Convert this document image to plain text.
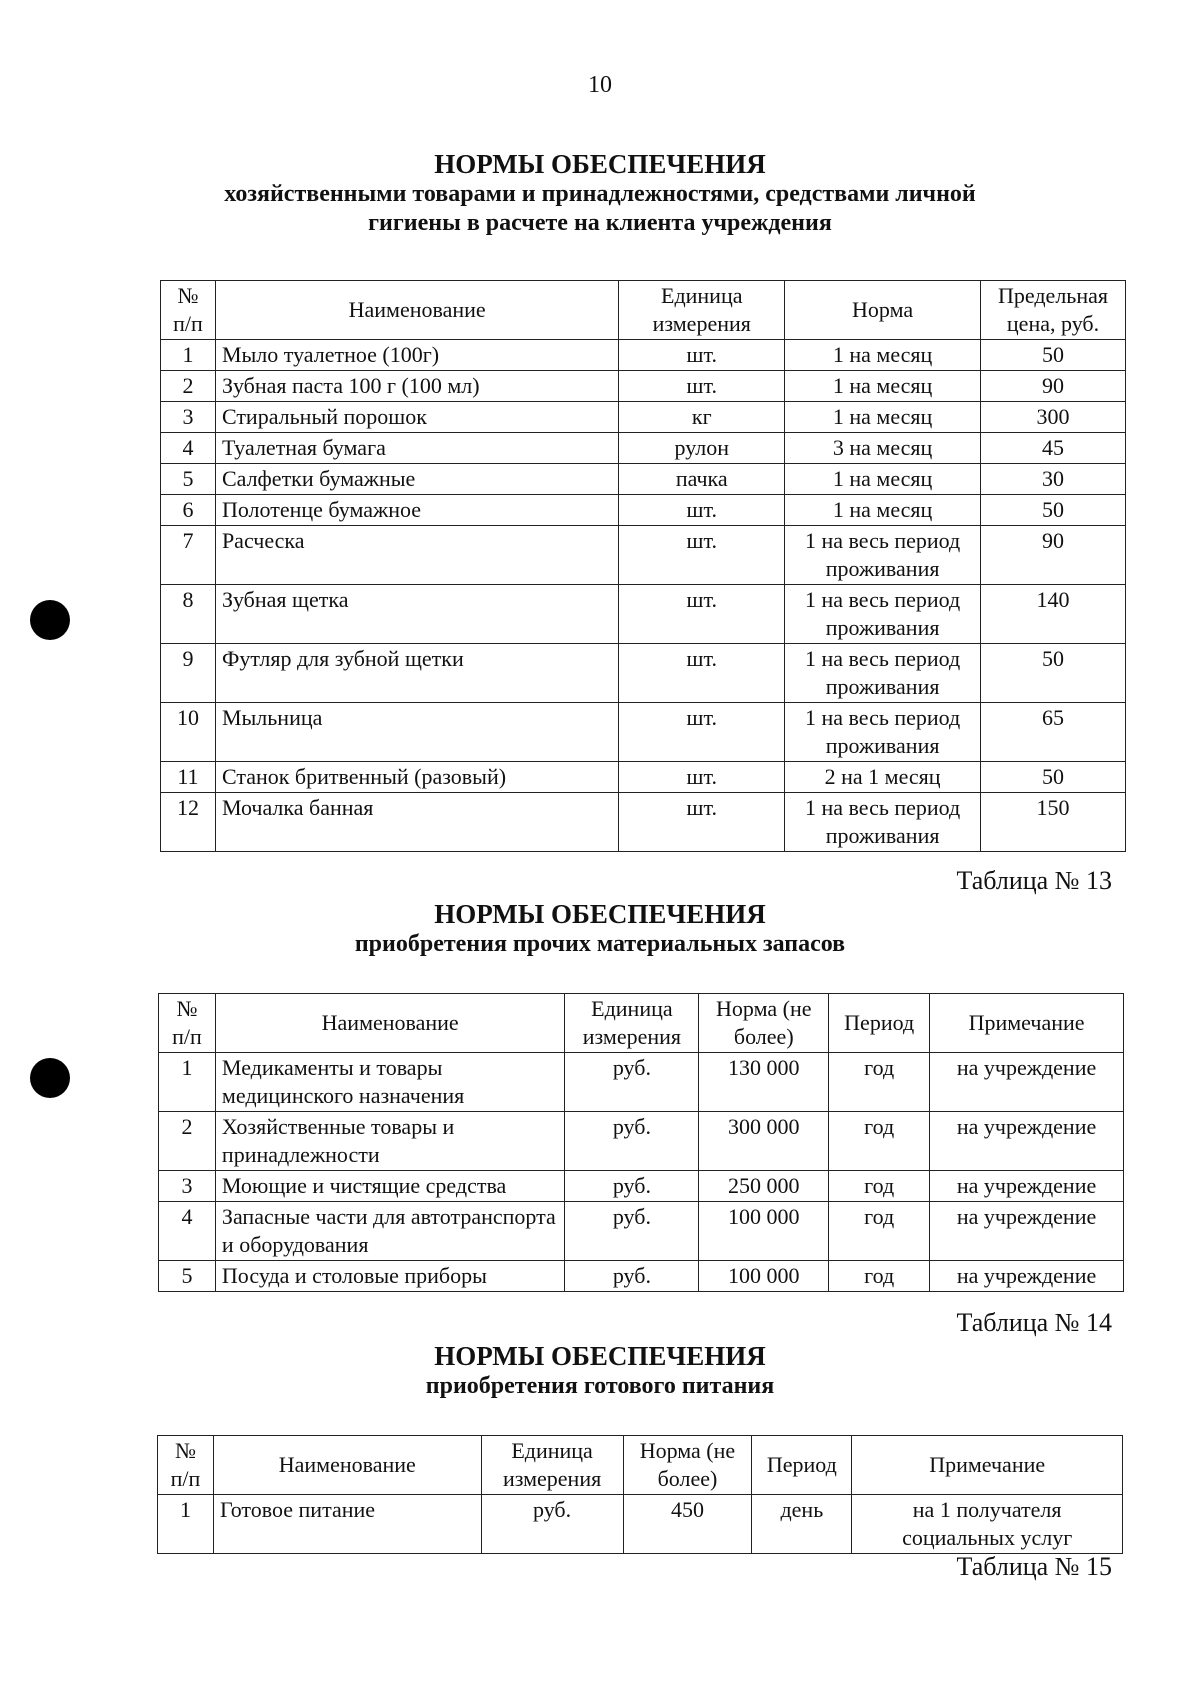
10
НОРМЫ ОБЕСПЕЧЕНИЯ
хозяйственными товарами и принадлежностями, средствами личной
гигиены в расчете на клиента учреждения
№ п/п	Наименование	Единица измерения	Норма	Предельная цена, руб.
1	Мыло туалетное (100г)	шт.	1 на месяц	50
2	Зубная паста 100 г (100 мл)	шт.	1 на месяц	90
3	Стиральный порошок	кг	1 на месяц	300
4	Туалетная бумага	рулон	3 на месяц	45
5	Салфетки бумажные	пачка	1 на месяц	30
6	Полотенце бумажное	шт.	1 на месяц	50
7	Расческа	шт.	1 на весь период проживания	90
8	Зубная щетка	шт.	1 на весь период проживания	140
9	Футляр для зубной щетки	шт.	1 на весь период проживания	50
10	Мыльница	шт.	1 на весь период проживания	65
11	Станок бритвенный (разовый)	шт.	2 на 1 месяц	50
12	Мочалка банная	шт.	1 на весь период проживания	150
Таблица № 13
НОРМЫ ОБЕСПЕЧЕНИЯ
приобретения прочих материальных запасов
№ п/п	Наименование	Единица измерения	Норма (не более)	Период	Примечание
1	Медикаменты и товары медицинского назначения	руб.	130 000	год	на учреждение
2	Хозяйственные товары и принадлежности	руб.	300 000	год	на учреждение
3	Моющие и чистящие средства	руб.	250 000	год	на учреждение
4	Запасные части для автотранспорта и оборудования	руб.	100 000	год	на учреждение
5	Посуда и столовые приборы	руб.	100 000	год	на учреждение
Таблица № 14
НОРМЫ ОБЕСПЕЧЕНИЯ
приобретения готового питания
№ п/п	Наименование	Единица измерения	Норма (не более)	Период	Примечание
1	Готовое питание	руб.	450	день	на 1 получателя социальных услуг
Таблица № 15
